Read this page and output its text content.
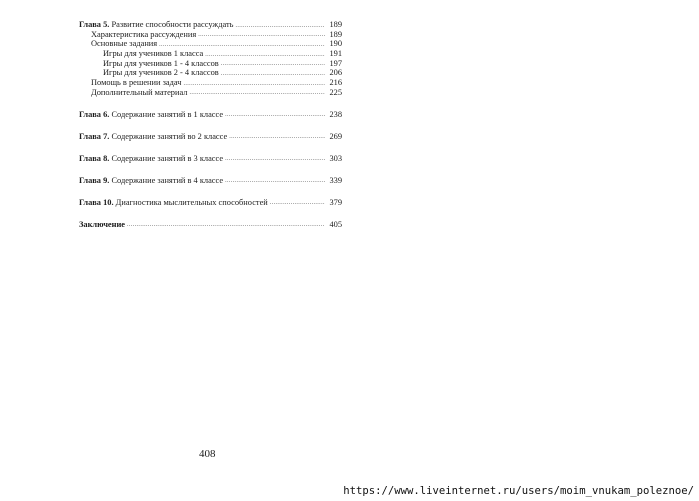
Глава 5. Развитие способности рассуждать .....	189
Характеристика рассуждения .....	189
Основные задания .....	190
Игры для учеников 1 класса .....	191
Игры для учеников 1 - 4 классов .....	197
Игры для учеников 2 - 4 классов .....	206
Помощь в решении задач .....	216
Дополнительный материал .....	225
Глава 6. Содержание занятий в 1 классе .....	238
Глава 7. Содержание занятий во 2 классе .....	269
Глава 8. Содержание занятий в 3 классе .....	303
Глава 9. Содержание занятий в 4 классе .....	339
Глава 10. Диагностика мыслительных способностей .....	379
Заключение .....	405
408
https://www.liveinternet.ru/users/moim_vnukam_poleznoe/
